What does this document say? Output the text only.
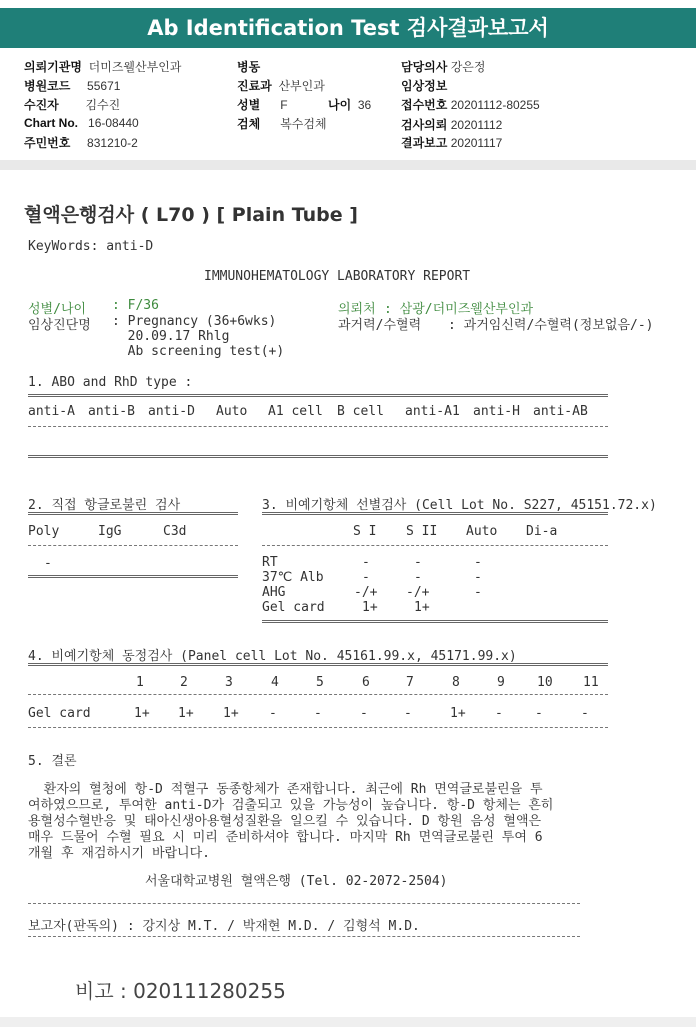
Ab Identification Test 검사결과보고서
의뢰기관명 더미즈웰산부인과
병원코드 55671
수진자 김수진
Chart No. 16-08440
주민번호 831210-2
병동
진료과 산부인과
성별 F	나이 36
검체 복수검체
담당의사 강은정
임상정보
접수번호 20201112-80255
검사의뢰 20201112
결과보고 20201117
혈액은행검사 ( L70 ) [ Plain Tube ]
KeyWords: anti-D
IMMUNOHEMATOLOGY LABORATORY REPORT
성별/나이 : F/36	의뢰처 : 삼광/더미즈웰산부인과
임상진단명 : Pregnancy (36+6wks)
20.09.17 Rhlg
Ab screening test(+)
과거력/수혈력 : 과거임신력/수혈력(정보없음/-)
1. ABO and RhD type :
anti-A anti-B anti-D Auto A1 cell B cell anti-A1 anti-H anti-AB
2. 직접 항글로불린 검사
Poly	IgG	C3d
-
3. 비예기항체 선별검사 (Cell Lot No. S227, 45151.72.x)
S I S II Auto Di-a
RT	-	-	-
37℃ Alb	-	-	-
AHG	-/+ -/+	-
Gel card	1+	1+
4. 비예기항체 동정검사 (Panel cell Lot No. 45161.99.x, 45171.99.x)
1	2	3	4	5	6	7	8	9 10 11
Gel card	1+ 1+ 1+ -	-	-	-	1+ - -	-
5. 결론
환자의 혈청에 항-D 적혈구 동종항체가 존재합니다. 최근에 Rh 면역글로불린을 투
여하였으므로, 투여한 anti-D가 검출되고 있을 가능성이 높습니다. 항-D 항체는 흔히
용혈성수혈반응 및 태아신생아용혈성질환을 일으킬 수 있습니다. D 항원 음성 혈액은
매우 드물어 수혈 필요 시 미리 준비하셔야 합니다. 마지막 Rh 면역글로불린 투여 6
개월 후 재검하시기 바랍니다.
서울대학교병원 혈액은행 (Tel. 02-2072-2504)
보고자(판독의) : 강지상 M.T. / 박재현 M.D. / 김형석 M.D.
비고 : 020111280255
